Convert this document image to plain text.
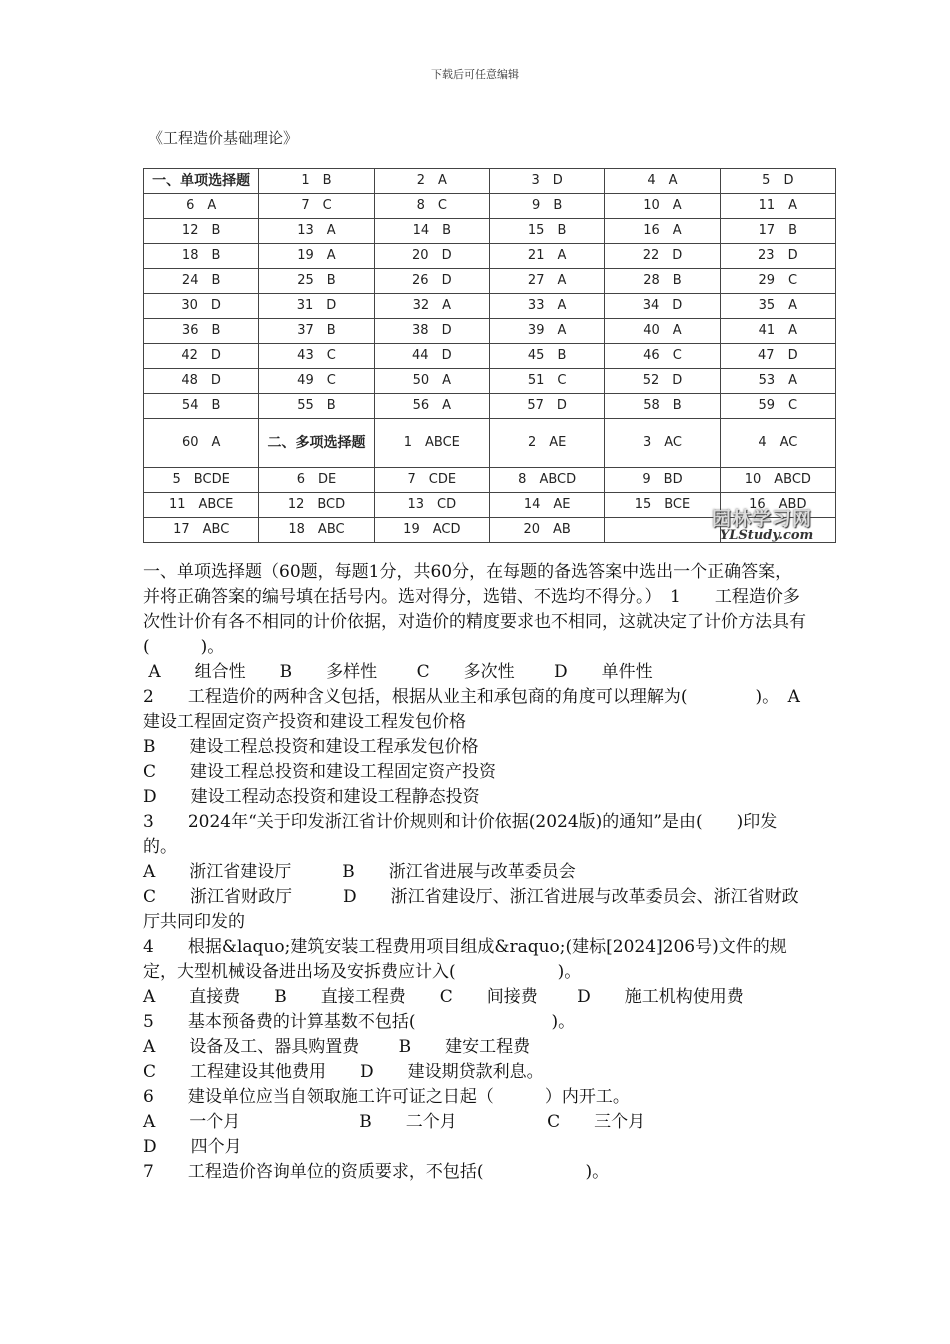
下载后可任意编辑
《工程造价基础理论》
一、单项选择题	1　B	2　A	3　D	4　A	5　D
6　A	7　C	8　C	9　B	10　A	11　A
12　B	13　A	14　B	15　B	16　A	17　B
18　B	19　A	20　D	21　A	22　D	23　D
24　B	25　B	26　D	27　A	28　B	29　C
30　D	31　D	32　A	33　A	34　D	35　A
36　B	37　B	38　D	39　A	40　A	41　A
42　D	43　C	44　D	45　B	46　C	47　D
48　D	49　C	50　A	51　C	52　D	53　A
54　B	55　B	56　A	57　D	58　B	59　C
60　A	二、多项选择题	1　ABCE	2　AE	3　AC	4　AC
5　BCDE	6　DE	7　CDE	8　ABCD	9　BD	10　ABCD
11　ABCE	12　BCD	13　CD	14　AE	15　BCE	16　ABD
17　ABC	18　ABC	19　ACD	20　AB			园林学习网
YLStudy.com

一、单项选择题（60题，每题1分，共60分，在每题的备选答案中选出一个正确答案，并将正确答案的编号填在括号内。选对得分，选错、不选均不得分。）　1　　工程造价多次性计价有各不相同的计价依据，对造价的精度要求也不相同，这就决定了计价方法具有(　　　)。

A　　组合性　　B　　多样性　　 C　　多次性　　 D　　单件性

2　　工程造价的两种含义包括，根据从业主和承包商的角度可以理解为(　　　　)。　A　　建设工程固定资产投资和建设工程发包价格

B　　建设工程总投资和建设工程承发包价格

C　　建设工程总投资和建设工程固定资产投资

D　　建设工程动态投资和建设工程静态投资

3　　2024年“关于印发浙江省计价规则和计价依据(2024版)的通知”是由(　　)印发的。

A　　浙江省建设厅　　　B　　浙江省进展与改革委员会

C　　浙江省财政厅　　　D　　浙江省建设厅、浙江省进展与改革委员会、浙江省财政厅共同印发的

4　　根据&laquo;建筑安装工程费用项目组成&raquo;(建标[2024]206号)文件的规定，大型机械设备进出场及安拆费应计入(　　　　　　)。

A　　直接费　　B　　直接工程费　　C　　间接费　　 D　　施工机构使用费

5　　基本预备费的计算基数不包括(　　　　　　　　)。

A　　设备及工、器具购置费　　 B　　建安工程费

C　　工程建设其他费用　　D　　建设期贷款利息。

6　　建设单位应当自领取施工许可证之日起（　　　）内开工。

A　　一个月　　　　　　　B　　二个月　　　　　 C　　三个月

D　　四个月

7　　工程造价咨询单位的资质要求，不包括(　　　　　　)。
